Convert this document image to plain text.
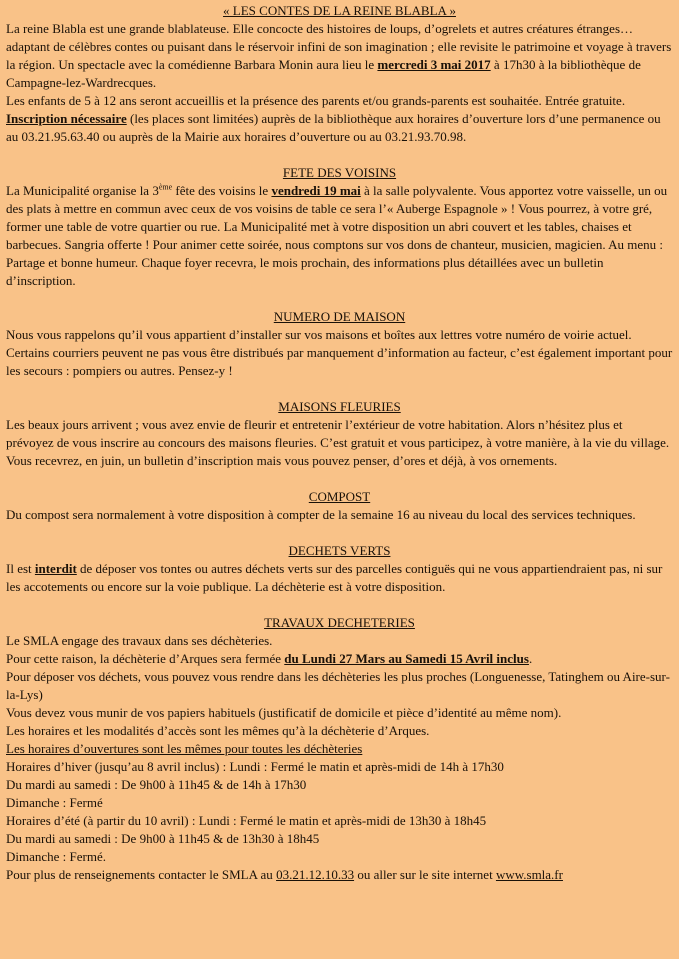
« LES CONTES DE LA REINE BLABLA »

La reine Blabla est une grande blablateuse. Elle concocte des histoires de loups, d’ogrelets et autres créatures étranges…adaptant de célèbres contes ou puisant dans le réservoir infini de son imagination ; elle revisite le patrimoine et voyage à travers la région. Un spectacle avec la comédienne Barbara Monin aura lieu le mercredi 3 mai 2017 à 17h30 à la bibliothèque de Campagne-lez-Wardrecques.

Les enfants de 5 à 12 ans seront accueillis et la présence des parents et/ou grands-parents est souhaitée. Entrée gratuite. Inscription nécessaire (les places sont limitées) auprès de la bibliothèque aux horaires d’ouverture lors d’une permanence ou au 03.21.95.63.40 ou auprès de la Mairie aux horaires d’ouverture ou au 03.21.93.70.98.

FETE DES VOISINS

La Municipalité organise la 3ème fête des voisins le vendredi 19 mai à la salle polyvalente. Vous apportez votre vaisselle, un ou des plats à mettre en commun avec ceux de vos voisins de table ce sera l’« Auberge Espagnole » ! Vous pourrez, à votre gré, former une table de votre quartier ou rue. La Municipalité met à votre disposition un abri couvert et les tables, chaises et barbecues. Sangria offerte ! Pour animer cette soirée, nous comptons sur vos dons de chanteur, musicien, magicien. Au menu : Partage et bonne humeur. Chaque foyer recevra, le mois prochain, des informations plus détaillées avec un bulletin d’inscription.

NUMERO DE MAISON

Nous vous rappelons qu’il vous appartient d’installer sur vos maisons et boîtes aux lettres votre numéro de voirie actuel. Certains courriers peuvent ne pas vous être distribués par manquement d’information au facteur, c’est également important pour les secours : pompiers ou autres. Pensez-y !

MAISONS FLEURIES

Les beaux jours arrivent ; vous avez envie de fleurir et entretenir l’extérieur de votre habitation. Alors n’hésitez plus et prévoyez de vous inscrire au concours des maisons fleuries. C’est gratuit et vous participez, à votre manière, à la vie du village. Vous recevrez, en juin, un bulletin d’inscription mais vous pouvez penser, d’ores et déjà, à vos ornements.

COMPOST

Du compost sera normalement à votre disposition à compter de la semaine 16 au niveau du local des services techniques.

DECHETS VERTS

Il est interdit de déposer vos tontes ou autres déchets verts sur des parcelles contiguës qui ne vous appartiendraient pas, ni sur les accotements ou encore sur la voie publique. La déchèterie est à votre disposition.

TRAVAUX DECHETERIES

Le SMLA engage des travaux dans ses déchèteries.

Pour cette raison, la déchèterie d’Arques sera fermée du Lundi 27 Mars au Samedi 15 Avril inclus.

Pour déposer vos déchets, vous pouvez vous rendre dans les déchèteries les plus proches (Longuenesse, Tatinghem ou Aire-sur-la-Lys)

Vous devez vous munir de vos papiers habituels (justificatif de domicile et pièce d’identité au même nom).

Les horaires et les modalités d’accès sont les mêmes qu’à la déchèterie d’Arques.

Les horaires d’ouvertures sont les mêmes pour toutes les déchèteries

Horaires d’hiver (jusqu’au 8 avril inclus) : Lundi : Fermé le matin et après-midi de 14h à 17h30

Du mardi au samedi : De 9h00 à 11h45 & de 14h à 17h30

Dimanche : Fermé

Horaires d’été (à partir du 10 avril) : Lundi : Fermé le matin et après-midi de 13h30 à 18h45

Du mardi au samedi : De 9h00 à 11h45 & de 13h30 à 18h45

Dimanche : Fermé.

Pour plus de renseignements contacter le SMLA au 03.21.12.10.33 ou aller sur le site internet www.smla.fr
